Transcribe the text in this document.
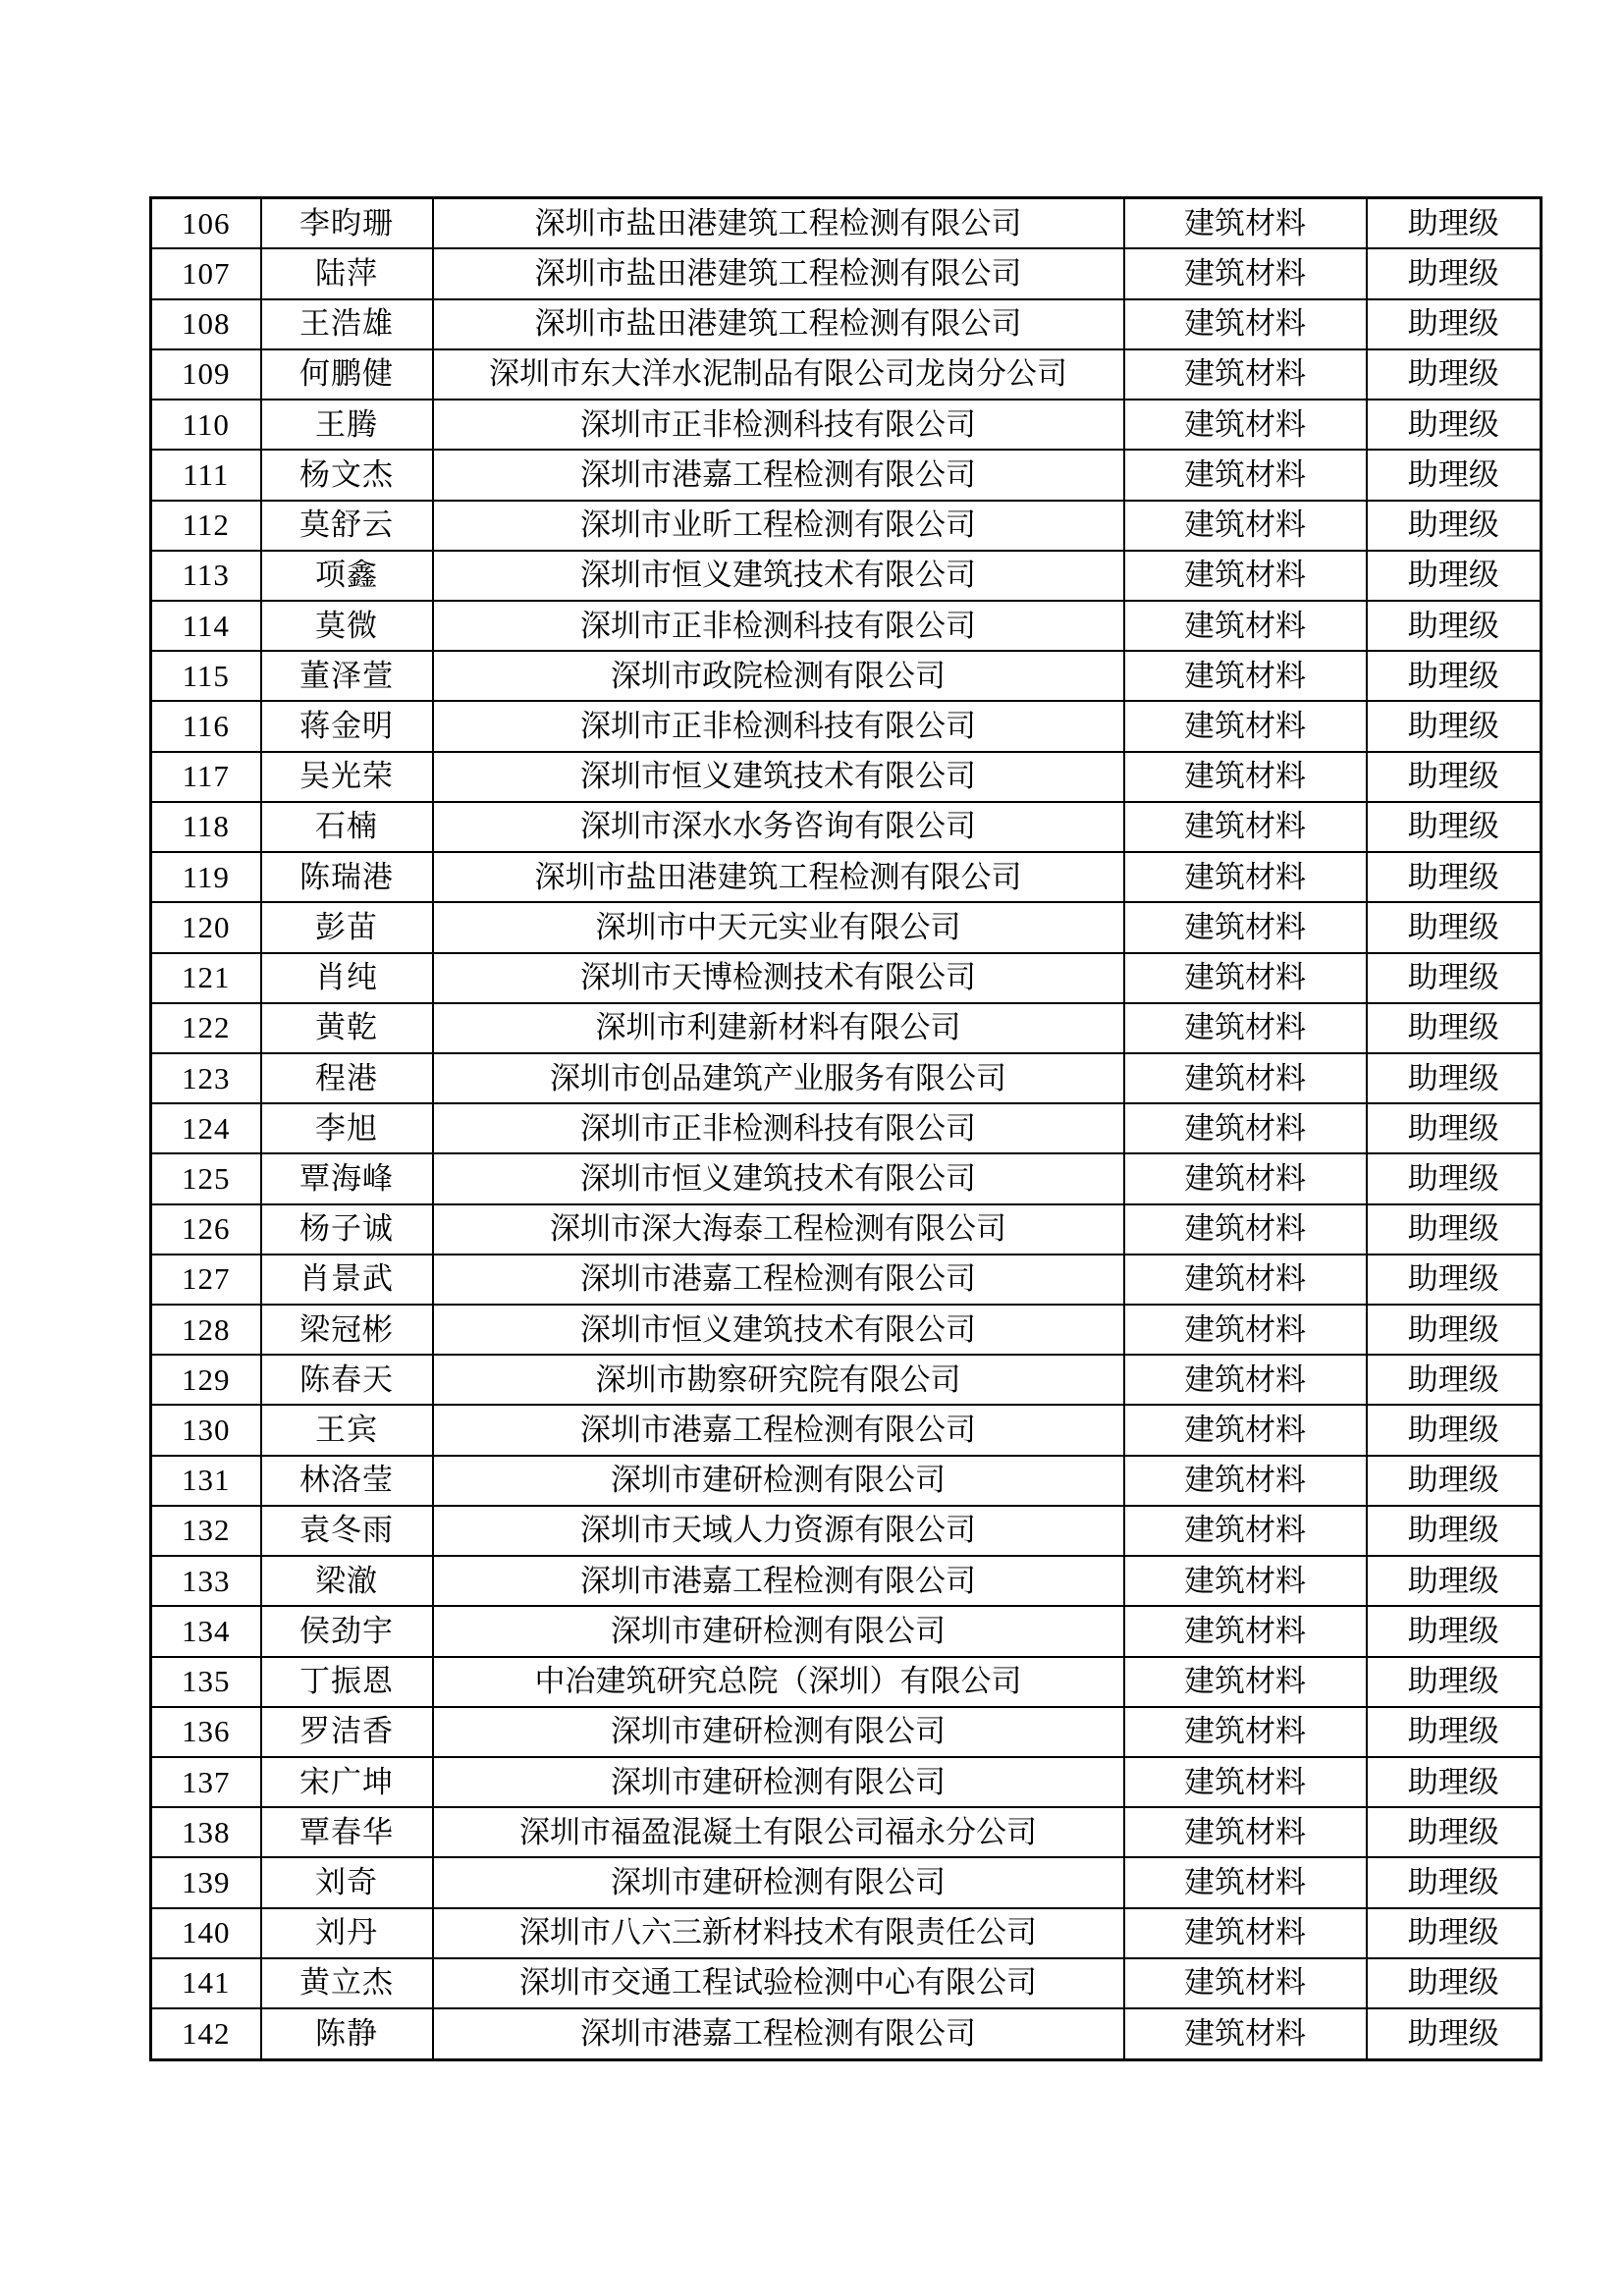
106	李昀珊	深圳市盐田港建筑工程检测有限公司	建筑材料	助理级
107	陆萍	深圳市盐田港建筑工程检测有限公司	建筑材料	助理级
108	王浩雄	深圳市盐田港建筑工程检测有限公司	建筑材料	助理级
109	何鹏健	深圳市东大洋水泥制品有限公司龙岗分公司	建筑材料	助理级
110	王腾	深圳市正非检测科技有限公司	建筑材料	助理级
111	杨文杰	深圳市港嘉工程检测有限公司	建筑材料	助理级
112	莫舒云	深圳市业昕工程检测有限公司	建筑材料	助理级
113	项鑫	深圳市恒义建筑技术有限公司	建筑材料	助理级
114	莫微	深圳市正非检测科技有限公司	建筑材料	助理级
115	董泽萱	深圳市政院检测有限公司	建筑材料	助理级
116	蒋金明	深圳市正非检测科技有限公司	建筑材料	助理级
117	吴光荣	深圳市恒义建筑技术有限公司	建筑材料	助理级
118	石楠	深圳市深水水务咨询有限公司	建筑材料	助理级
119	陈瑞港	深圳市盐田港建筑工程检测有限公司	建筑材料	助理级
120	彭苗	深圳市中天元实业有限公司	建筑材料	助理级
121	肖纯	深圳市天博检测技术有限公司	建筑材料	助理级
122	黄乾	深圳市利建新材料有限公司	建筑材料	助理级
123	程港	深圳市创品建筑产业服务有限公司	建筑材料	助理级
124	李旭	深圳市正非检测科技有限公司	建筑材料	助理级
125	覃海峰	深圳市恒义建筑技术有限公司	建筑材料	助理级
126	杨子诚	深圳市深大海泰工程检测有限公司	建筑材料	助理级
127	肖景武	深圳市港嘉工程检测有限公司	建筑材料	助理级
128	梁冠彬	深圳市恒义建筑技术有限公司	建筑材料	助理级
129	陈春天	深圳市勘察研究院有限公司	建筑材料	助理级
130	王宾	深圳市港嘉工程检测有限公司	建筑材料	助理级
131	林洛莹	深圳市建研检测有限公司	建筑材料	助理级
132	袁冬雨	深圳市天域人力资源有限公司	建筑材料	助理级
133	梁澈	深圳市港嘉工程检测有限公司	建筑材料	助理级
134	侯劲宇	深圳市建研检测有限公司	建筑材料	助理级
135	丁振恩	中冶建筑研究总院（深圳）有限公司	建筑材料	助理级
136	罗洁香	深圳市建研检测有限公司	建筑材料	助理级
137	宋广坤	深圳市建研检测有限公司	建筑材料	助理级
138	覃春华	深圳市福盈混凝土有限公司福永分公司	建筑材料	助理级
139	刘奇	深圳市建研检测有限公司	建筑材料	助理级
140	刘丹	深圳市八六三新材料技术有限责任公司	建筑材料	助理级
141	黄立杰	深圳市交通工程试验检测中心有限公司	建筑材料	助理级
142	陈静	深圳市港嘉工程检测有限公司	建筑材料	助理级
